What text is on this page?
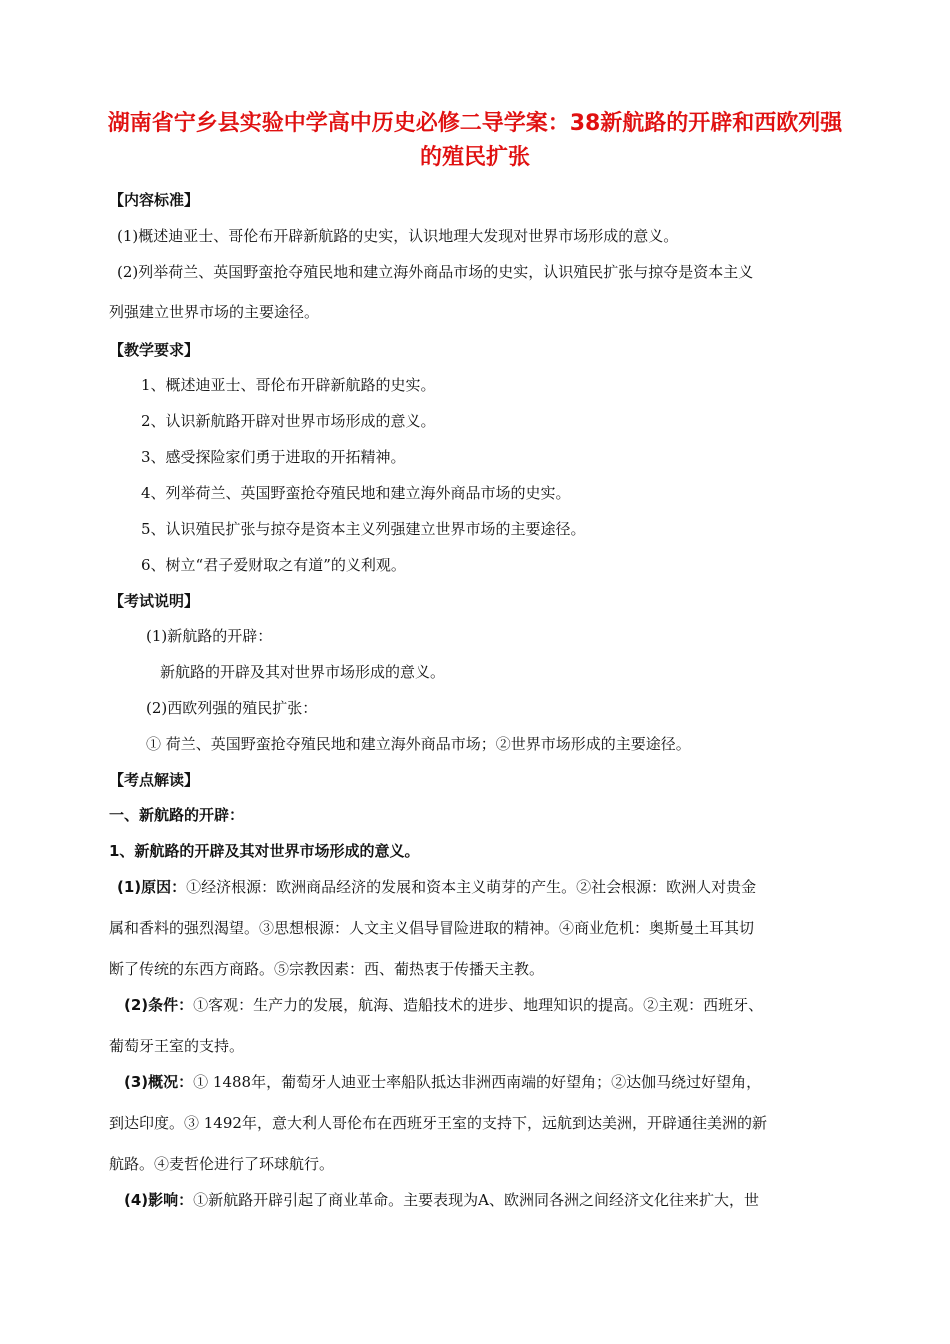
湖南省宁乡县实验中学高中历史必修二导学案：38新航路的开辟和西欧列强的殖民扩张
【内容标准】
(1)概述迪亚士、哥伦布开辟新航路的史实，认识地理大发现对世界市场形成的意义。
(2)列举荷兰、英国野蛮抢夺殖民地和建立海外商品市场的史实，认识殖民扩张与掠夺是资本主义
列强建立世界市场的主要途径。
【教学要求】
1、概述迪亚士、哥伦布开辟新航路的史实。
2、认识新航路开辟对世界市场形成的意义。
3、感受探险家们勇于进取的开拓精神。
4、列举荷兰、英国野蛮抢夺殖民地和建立海外商品市场的史实。
5、认识殖民扩张与掠夺是资本主义列强建立世界市场的主要途径。
6、树立“君子爱财取之有道”的义利观。
【考试说明】
(1)新航路的开辟：
新航路的开辟及其对世界市场形成的意义。
(2)西欧列强的殖民扩张：
① 荷兰、英国野蛮抢夺殖民地和建立海外商品市场；②世界市场形成的主要途径。
【考点解读】
一、新航路的开辟：
1、新航路的开辟及其对世界市场形成的意义。
(1)原因：①经济根源：欧洲商品经济的发展和资本主义萌芽的产生。②社会根源：欧洲人对贵金
属和香料的强烈渴望。③思想根源：人文主义倡导冒险进取的精神。④商业危机：奥斯曼土耳其切
断了传统的东西方商路。⑤宗教因素：西、葡热衷于传播天主教。
(2)条件：①客观：生产力的发展，航海、造船技术的进步、地理知识的提高。②主观：西班牙、
葡萄牙王室的支持。
(3)概况：① 1488年，葡萄牙人迪亚士率船队抵达非洲西南端的好望角；②达伽马绕过好望角，
到达印度。③ 1492年，意大利人哥伦布在西班牙王室的支持下，远航到达美洲，开辟通往美洲的新
航路。④麦哲伦进行了环球航行。
(4)影响：①新航路开辟引起了商业革命。主要表现为A、欧洲同各洲之间经济文化往来扩大，世
